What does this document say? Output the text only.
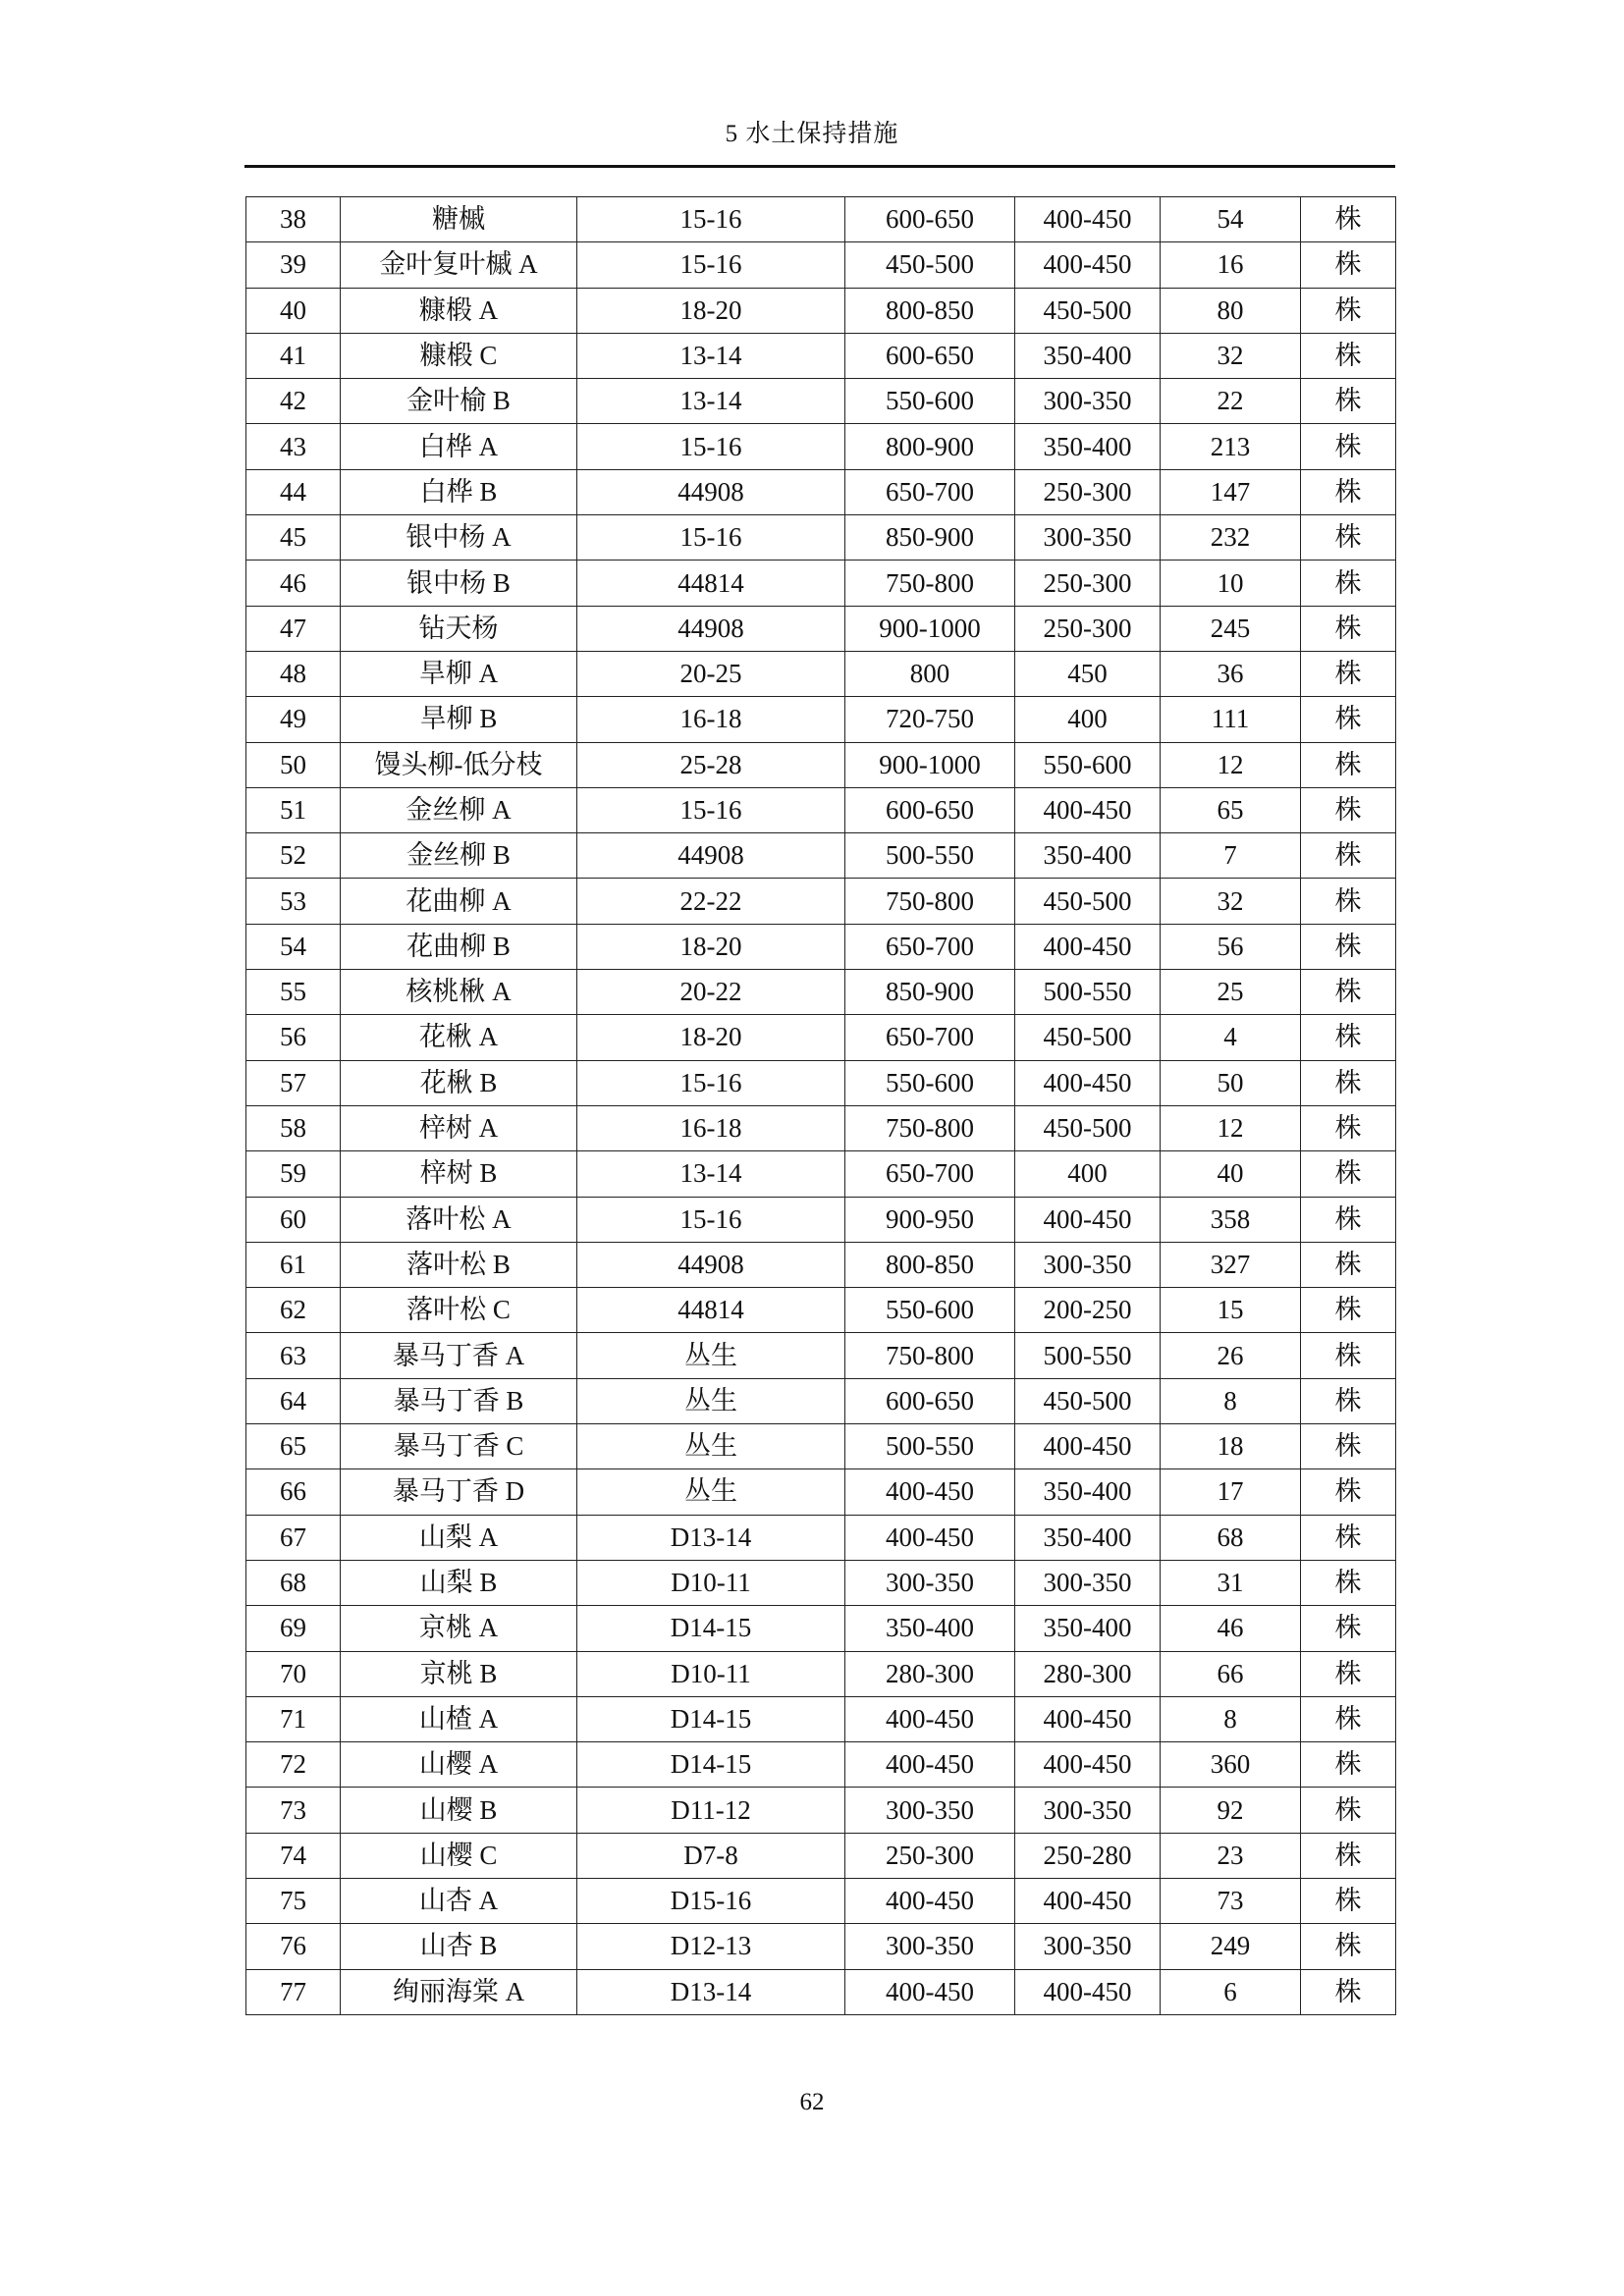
5 水土保持措施
38	糖槭	15-16	600-650	400-450	54	株
39	金叶复叶槭 A	15-16	450-500	400-450	16	株
40	糠椴 A	18-20	800-850	450-500	80	株
41	糠椴 C	13-14	600-650	350-400	32	株
42	金叶榆 B	13-14	550-600	300-350	22	株
43	白桦 A	15-16	800-900	350-400	213	株
44	白桦 B	44908	650-700	250-300	147	株
45	银中杨 A	15-16	850-900	300-350	232	株
46	银中杨 B	44814	750-800	250-300	10	株
47	钻天杨	44908	900-1000	250-300	245	株
48	旱柳 A	20-25	800	450	36	株
49	旱柳 B	16-18	720-750	400	111	株
50	馒头柳-低分枝	25-28	900-1000	550-600	12	株
51	金丝柳 A	15-16	600-650	400-450	65	株
52	金丝柳 B	44908	500-550	350-400	7	株
53	花曲柳 A	22-22	750-800	450-500	32	株
54	花曲柳 B	18-20	650-700	400-450	56	株
55	核桃楸 A	20-22	850-900	500-550	25	株
56	花楸 A	18-20	650-700	450-500	4	株
57	花楸 B	15-16	550-600	400-450	50	株
58	梓树 A	16-18	750-800	450-500	12	株
59	梓树 B	13-14	650-700	400	40	株
60	落叶松 A	15-16	900-950	400-450	358	株
61	落叶松 B	44908	800-850	300-350	327	株
62	落叶松 C	44814	550-600	200-250	15	株
63	暴马丁香 A	丛生	750-800	500-550	26	株
64	暴马丁香 B	丛生	600-650	450-500	8	株
65	暴马丁香 C	丛生	500-550	400-450	18	株
66	暴马丁香 D	丛生	400-450	350-400	17	株
67	山梨 A	D13-14	400-450	350-400	68	株
68	山梨 B	D10-11	300-350	300-350	31	株
69	京桃 A	D14-15	350-400	350-400	46	株
70	京桃 B	D10-11	280-300	280-300	66	株
71	山楂 A	D14-15	400-450	400-450	8	株
72	山樱 A	D14-15	400-450	400-450	360	株
73	山樱 B	D11-12	300-350	300-350	92	株
74	山樱 C	D7-8	250-300	250-280	23	株
75	山杏 A	D15-16	400-450	400-450	73	株
76	山杏 B	D12-13	300-350	300-350	249	株
77	绚丽海棠 A	D13-14	400-450	400-450	6	株
62
